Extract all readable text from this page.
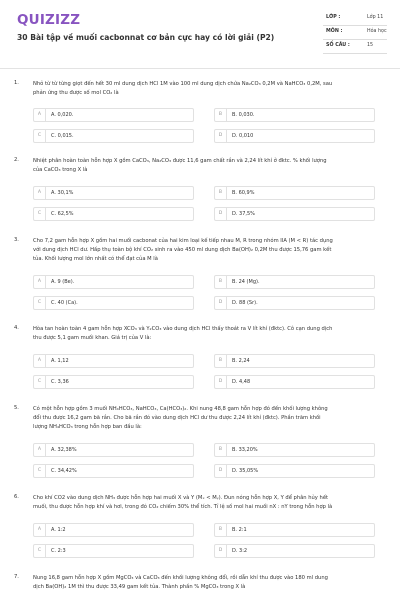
QUIZIZZ
30 Bài tập về muối cacbonnat cơ bản cực hay có lời giải (P2)
LỚP :	Lớp 11
MÔN :	Hóa học
SỐ CÂU :	15
1.	Nhỏ từ từ từng giọt đến hết 30 ml dung dịch HCl 1M vào 100 ml dung dịch chứa Na₂CO₃ 0,2M và NaHCO₃ 0,2M, sau
phản ứng thu được số mol CO₂ là
A	A. 0,020.	B	B. 0,030.
C	C. 0,015.	D	D. 0,010
2.	Nhiệt phân hoàn toàn hỗn hợp X gồm CaCO₃, Na₂CO₃ được 11,6 gam chất rắn và 2,24 lít khí ở đktc. % khối lượng
của CaCO₃ trong X là
A	A. 30,1%	B	B. 60,9%
C	C. 62,5%	D	D. 37,5%
3.	Cho 7,2 gam hỗn hợp X gồm hai muối cacbonat của hai kim loại kế tiếp nhau M, R trong nhóm IIA (M < R) tác dụng
với dung dịch HCl dư. Hấp thụ toàn bộ khí CO₂ sinh ra vào 450 ml dung dịch Ba(OH)₂ 0,2M thu được 15,76 gam kết
tủa. Khối lượng mol lớn nhất có thể đạt của M là
A	A. 9 (Be).	B	B. 24 (Mg).
C	C. 40 (Ca).	D	D. 88 (Sr).
4.	Hòa tan hoàn toàn 4 gam hỗn hợp XCO₃ và Y₂CO₃ vào dung dịch HCl thấy thoát ra V lít khí (đktc). Cô cạn dung dịch
thu được 5,1 gam muối khan. Giá trị của V là:
A	A. 1,12	B	B. 2,24
C	C. 3,36	D	D. 4,48
5.	Có một hỗn hợp gồm 3 muối NH₄HCO₃, NaHCO₃, Ca(HCO₃)₂. Khi nung 48,8 gam hỗn hợp đó đến khối lượng không
đổi thu được 16,2 gam bã rắn. Cho bã rắn đó vào dung dịch HCl dư thu được 2,24 lít khí (đktc). Phần trăm khối
lượng NH₄HCO₃ trong hỗn hợp ban đầu là:
A	A. 32,38%	B	B. 33,20%
C	C. 34,42%	D	D. 35,05%
6.	Cho khí CO2 vào dung dịch NH₃ được hỗn hợp hai muối X và Y (Mₓ < Mᵧ). Đun nóng hỗn hợp X, Y để phân hủy hết
muối, thu được hỗn hợp khí và hơi, trong đó CO₂ chiếm 30% thể tích. Tỉ lệ số mol hai muối nX : nY trong hỗn hợp là
A	A. 1:2	B	B. 2:1
C	C. 2:3	D	D. 3:2
7.	Nung 16,8 gam hỗn hợp X gồm MgCO₃ và CaCO₃ đến khối lượng không đổi, rồi dẫn khí thu được vào 180 ml dung
dịch Ba(OH)₂ 1M thì thu được 33,49 gam kết tủa. Thành phần % MgCO₃ trong X là
